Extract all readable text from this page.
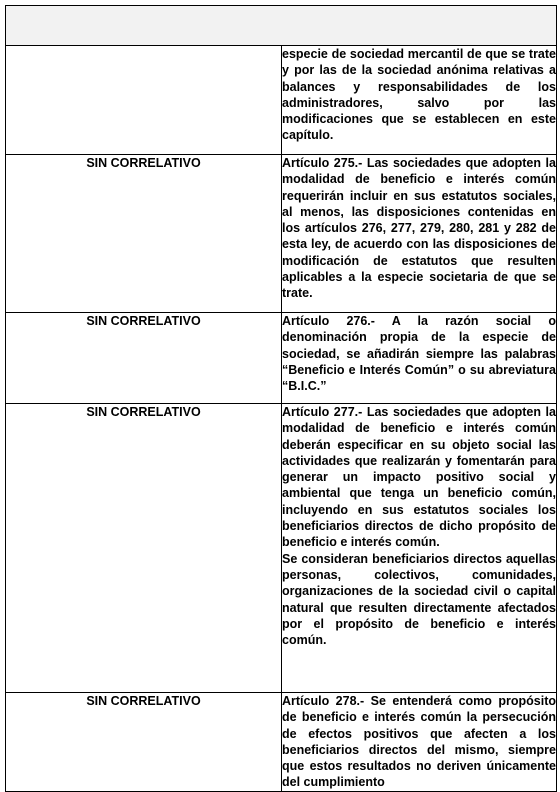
	especie de sociedad mercantil de que se trate y por las de la sociedad anónima relativas a balances y responsabilidades de los administradores, salvo por las modificaciones que se establecen en este capítulo.

SIN CORRELATIVO	Artículo 275.- Las sociedades que adopten la modalidad de beneficio e interés común requerirán incluir en sus estatutos sociales, al menos, las disposiciones contenidas en los artículos 276, 277, 279, 280, 281 y 282 de esta ley, de acuerdo con las disposiciones de modificación de estatutos que resulten aplicables a la especie societaria de que se trate.

SIN CORRELATIVO	Artículo 276.- A la razón social o denominación propia de la especie de sociedad, se añadirán siempre las palabras “Beneficio e Interés Común” o su abreviatura “B.I.C.”

SIN CORRELATIVO	Artículo 277.- Las sociedades que adopten la modalidad de beneficio e interés común deberán especificar en su objeto social las actividades que realizarán y fomentarán para generar un impacto positivo social y ambiental que tenga un beneficio común, incluyendo en sus estatutos sociales los beneficiarios directos de dicho propósito de beneficio e interés común.

Se consideran beneficiarios directos aquellas personas, colectivos, comunidades, organizaciones de la sociedad civil o capital natural que resulten directamente afectados por el propósito de beneficio e interés común.

SIN CORRELATIVO	Artículo 278.- Se entenderá como propósito de beneficio e interés común la persecución de efectos positivos que afecten a los beneficiarios directos del mismo, siempre que estos resultados no deriven únicamente del cumplimiento
